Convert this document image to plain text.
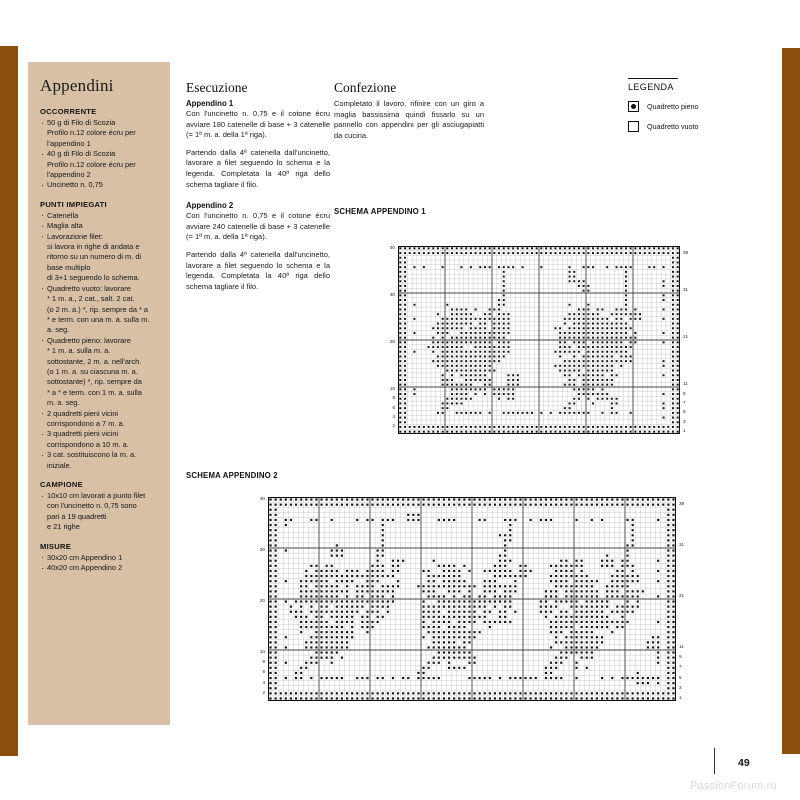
Appendini
OCCORRENTE
· 50 g di Filo di Scozia
Profilo n.12 colore écru per
l'appendino 1
· 40 g di Filo di Scozia
Profilo n.12 colore écru per
l'appendino 2
· Uncinetto n. 0,75
PUNTI IMPIEGATI
· Catenella
· Maglia alta
· Lavorazione filet:
si lavora in righe di andata e
ritorno su un numero di m. di
base multiplo
di 3+1 seguendo lo schema.
· Quadretto vuoto: lavorare
* 1 m. a., 2 cat., salt. 2 cat.
(o 2 m. a.) *, rip. sempre da * a
* e term. con una m. a. sulla m.
a. seg.
· Quadretto pieno: lavorare
* 1 m. a. sulla m. a.
sottostante, 2 m. a. nell'arch.
(o 1 m. a. su ciascuna m. a.
sottostante) *, rip. sempre da
* a * e term. con 1 m. a. sulla
m. a. seg.
· 2 quadretti pieni vicini
corrispondono a 7 m. a.
· 3 quadretti pieni vicini
corrispondono a 10 m. a.
· 3 cat. sostituiscono la m. a.
iniziale.
CAMPIONE
· 10x10 cm lavorati a punto filet
con l'uncinetto n. 0,75 sono
pari a 19 quadretti
e 21 righe
MISURE
· 30x20 cm Appendino 1
· 40x20 cm Appendino 2
Esecuzione
Appendino 1

Con l'uncinetto n. 0,75 e il cotone écru avviare 180 catenelle di base + 3 catenelle (= 1ª m. a. della 1ª riga).

Partendo dalla 4ª catenella dall'uncinetto, lavorare a filet seguendo lo schema e la legenda. Completata la 40ª riga dello schema tagliare il filo.

Appendino 2

Con l'uncinetto n. 0,75 e il cotone écru avviare 240 catenelle di base + 3 catenelle (= 1ª m. a. della 1ª riga).

Partendo dalla 4ª catenella dall'uncinetto, lavorare a filet seguendo lo schema e la legenda. Completata la 40ª riga dello schema tagliare il filo.

Confezione

Completato il lavoro, rifinire con un giro a maglia bassissima quindi fissarlo su un pannello con appendini per gli asciugapiatti da cucina.

LEGENDA
Quadretto pieno
Quadretto vuoto
SCHEMA APPENDINO 1
SCHEMA APPENDINO 2
40
30
20
10
8
6
4
2
39
31
21
11
9
7
5
3
1
40
30
20
10
8
6
4
2
39
31
21
11
9
7
5
3
1
49
PassionForum.ru
